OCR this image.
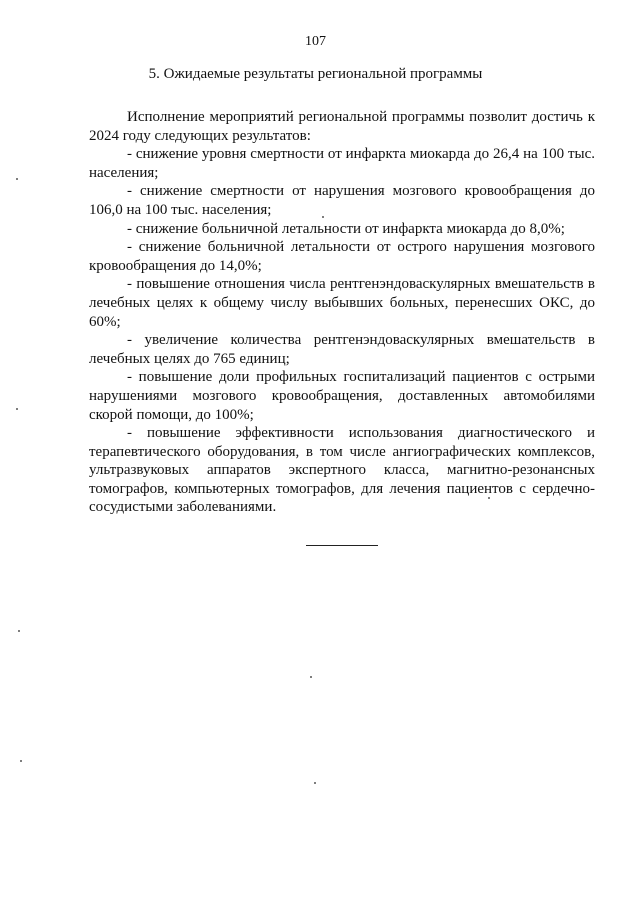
107
5. Ожидаемые результаты региональной программы

Исполнение мероприятий региональной программы позволит достичь к 2024 году следующих результатов:

- снижение уровня смертности от инфаркта миокарда до 26,4 на 100 тыс. населения;

- снижение смертности от нарушения мозгового кровообращения до 106,0 на 100 тыс. населения;

- снижение больничной летальности от инфаркта миокарда до 8,0%;

- снижение больничной летальности от острого нарушения мозгового кровообращения до 14,0%;

- повышение отношения числа рентгенэндоваскулярных вмешательств в лечебных целях к общему числу выбывших больных, перенесших ОКС, до 60%;

- увеличение количества рентгенэндоваскулярных вмешательств в лечебных целях до 765 единиц;

- повышение доли профильных госпитализаций пациентов с острыми нарушениями мозгового кровообращения, доставленных автомобилями скорой помощи, до 100%;

- повышение эффективности использования диагностического и терапевтического оборудования, в том числе ангиографических комплексов, ультразвуковых аппаратов экспертного класса, магнитно-резонансных томографов, компьютерных томографов, для лечения пациентов с сердечно-сосудистыми заболеваниями.
